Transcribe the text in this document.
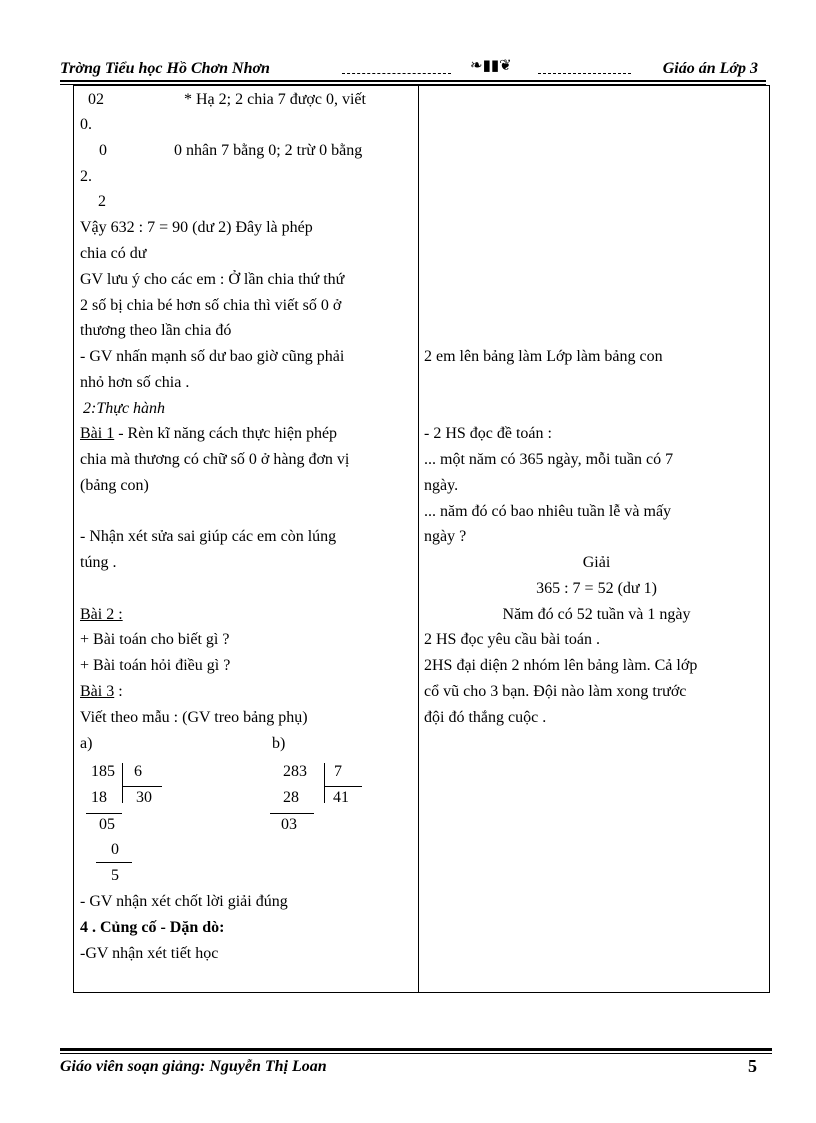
Trờng Tiểu học Hồ Chơn Nhơn	❧▮▮❦	Giáo án Lớp 3
02	* Hạ 2; 2 chia 7 được 0, viết
0.
0	0 nhân 7 bằng 0; 2 trừ 0 bằng
2.
2
Vậy 632 : 7 = 90 (dư 2) Đây là phép
chia có dư
GV lưu ý cho các em : Ở lần chia thứ thứ
2 số bị chia bé hơn số chia thì viết số 0 ở
thương theo lần chia đó
- GV nhấn mạnh số dư bao giờ cũng phải
nhỏ hơn số chia .
2:Thực hành
Bài 1 - Rèn kĩ năng cách thực hiện phép
chia mà thương có chữ số 0 ở hàng đơn vị
(bảng con)
- Nhận xét sửa sai giúp các em còn lúng
túng .
Bài 2 :
+ Bài toán cho biết gì ?
+ Bài toán hỏi điều gì ?
Bài 3 :
Viết theo mẫu : (GV treo bảng phụ)
a)	b)
185 6
18 30
05
0
5
283 7
28 41
03
- GV nhận xét chốt lời giải đúng
4 . Củng cố - Dặn dò:
-GV nhận xét tiết học
2 em lên bảng làm Lớp làm bảng con
- 2 HS đọc đề toán :
... một năm có 365 ngày, mỗi tuần có 7
ngày.
... năm đó có bao nhiêu tuần lễ và mấy
ngày ?
Giải
365 : 7 = 52 (dư 1)
Năm đó có 52 tuần và 1 ngày
2 HS đọc yêu cầu bài toán .
2HS đại diện 2 nhóm lên bảng làm. Cả lớp
cổ vũ cho 3 bạn. Đội nào làm xong trước
đội đó thắng cuộc .
Giáo viên soạn giảng: Nguyễn Thị Loan	5
